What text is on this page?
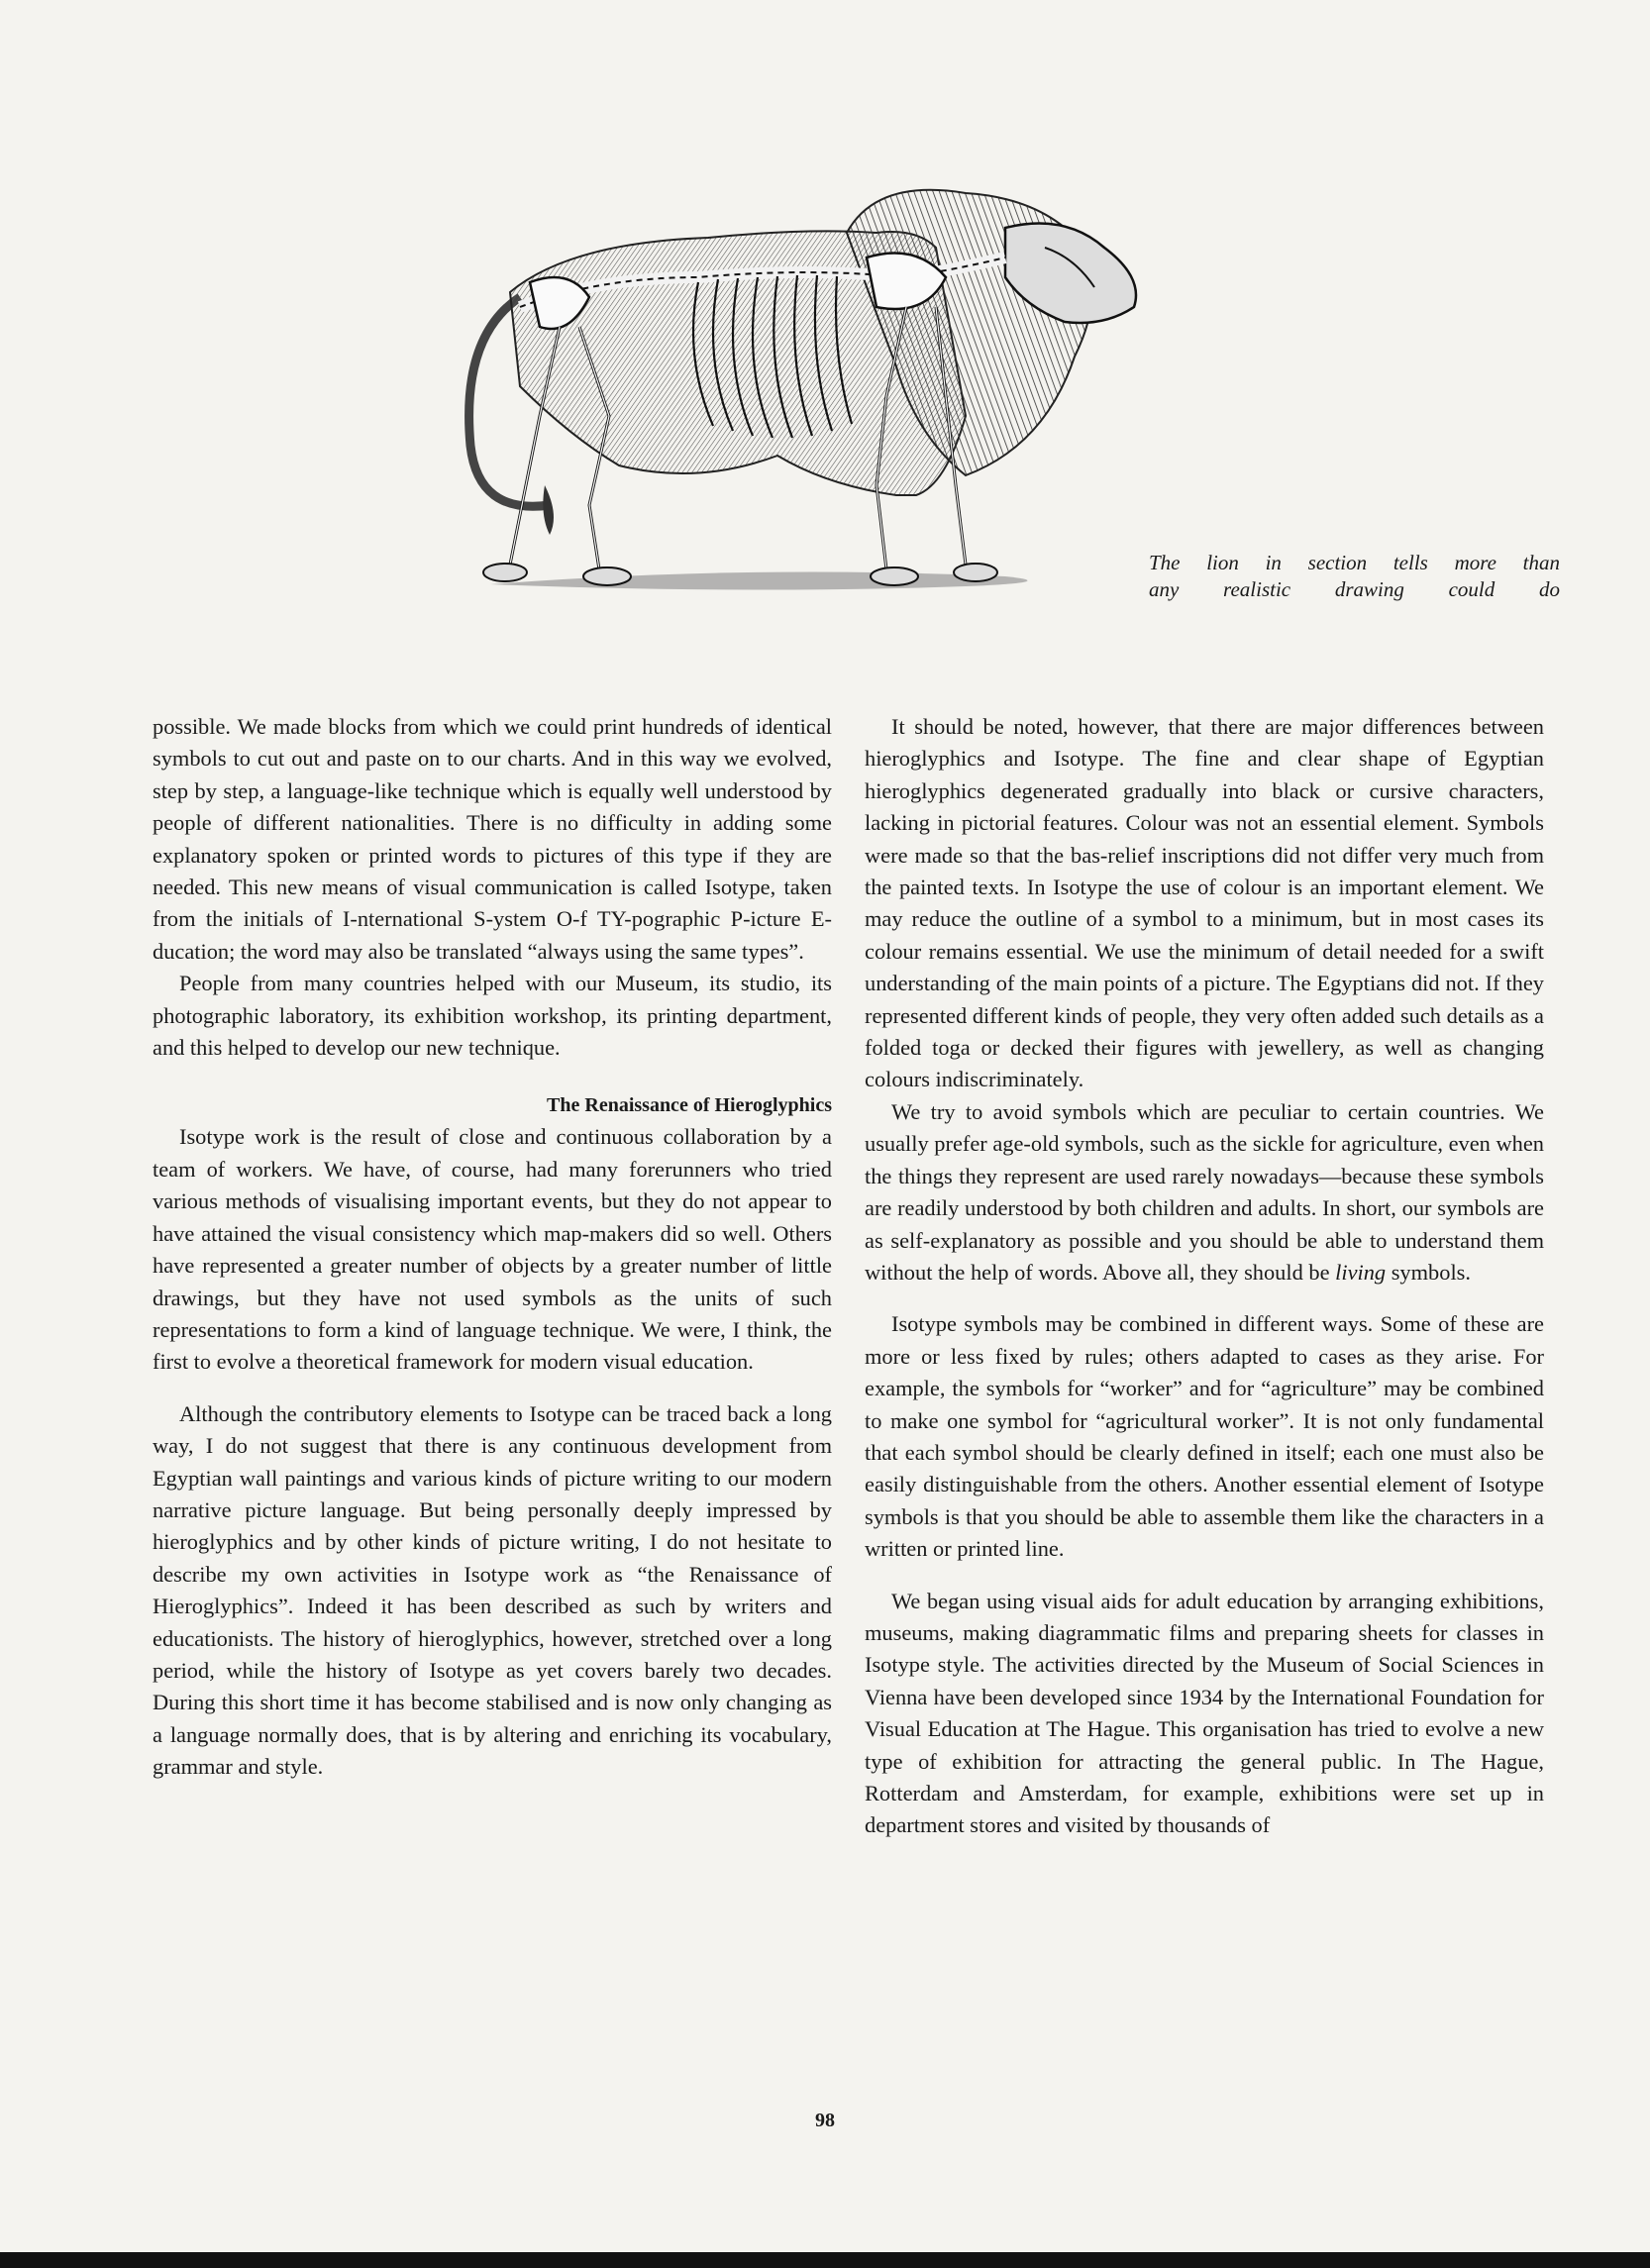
The lion in section tells more than
any realistic drawing could do

possible. We made blocks from which we could print hundreds of identical symbols to cut out and paste on to our charts. And in this way we evolved, step by step, a language-like technique which is equally well understood by people of different nationalities. There is no difficulty in adding some explanatory spoken or printed words to pictures of this type if they are needed. This new means of visual communication is called Isotype, taken from the initials of I-nternational S-ystem O-f TY-pographic P-icture E-ducation; the word may also be translated “always using the same types”.

People from many countries helped with our Museum, its studio, its photographic laboratory, its exhibition workshop, its printing department, and this helped to develop our new technique.

The Renaissance of Hieroglyphics

Isotype work is the result of close and continuous collaboration by a team of workers. We have, of course, had many forerunners who tried various methods of visualising important events, but they do not appear to have attained the visual consistency which map-makers did so well. Others have represented a greater number of objects by a greater number of little drawings, but they have not used symbols as the units of such representations to form a kind of language technique. We were, I think, the first to evolve a theoretical framework for modern visual education.

Although the contributory elements to Isotype can be traced back a long way, I do not suggest that there is any continuous development from Egyptian wall paintings and various kinds of picture writing to our modern narrative picture language. But being personally deeply impressed by hieroglyphics and by other kinds of picture writing, I do not hesitate to describe my own activities in Isotype work as “the Renaissance of Hieroglyphics”. Indeed it has been described as such by writers and educationists. The history of hieroglyphics, however, stretched over a long period, while the history of Isotype as yet covers barely two decades. During this short time it has become stabilised and is now only changing as a language normally does, that is by altering and enriching its vocabulary, grammar and style.

It should be noted, however, that there are major differences between hieroglyphics and Isotype. The fine and clear shape of Egyptian hieroglyphics degenerated gradually into black or cursive characters, lacking in pictorial features. Colour was not an essential element. Symbols were made so that the bas-relief inscriptions did not differ very much from the painted texts. In Isotype the use of colour is an important element. We may reduce the outline of a symbol to a minimum, but in most cases its colour remains essential. We use the minimum of detail needed for a swift understanding of the main points of a picture. The Egyptians did not. If they represented different kinds of people, they very often added such details as a folded toga or decked their figures with jewellery, as well as changing colours indiscriminately.

We try to avoid symbols which are peculiar to certain countries. We usually prefer age-old symbols, such as the sickle for agriculture, even when the things they represent are used rarely nowadays—because these symbols are readily understood by both children and adults. In short, our symbols are as self-explanatory as possible and you should be able to understand them without the help of words. Above all, they should be living symbols.

Isotype symbols may be combined in different ways. Some of these are more or less fixed by rules; others adapted to cases as they arise. For example, the symbols for “worker” and for “agriculture” may be combined to make one symbol for “agricultural worker”. It is not only fundamental that each symbol should be clearly defined in itself; each one must also be easily distinguishable from the others. Another essential element of Isotype symbols is that you should be able to assemble them like the characters in a written or printed line.

We began using visual aids for adult education by arranging exhibitions, museums, making diagrammatic films and preparing sheets for classes in Isotype style. The activities directed by the Museum of Social Sciences in Vienna have been developed since 1934 by the International Foundation for Visual Education at The Hague. This organisation has tried to evolve a new type of exhibition for attracting the general public. In The Hague, Rotterdam and Amsterdam, for example, exhibitions were set up in department stores and visited by thousands of

98
